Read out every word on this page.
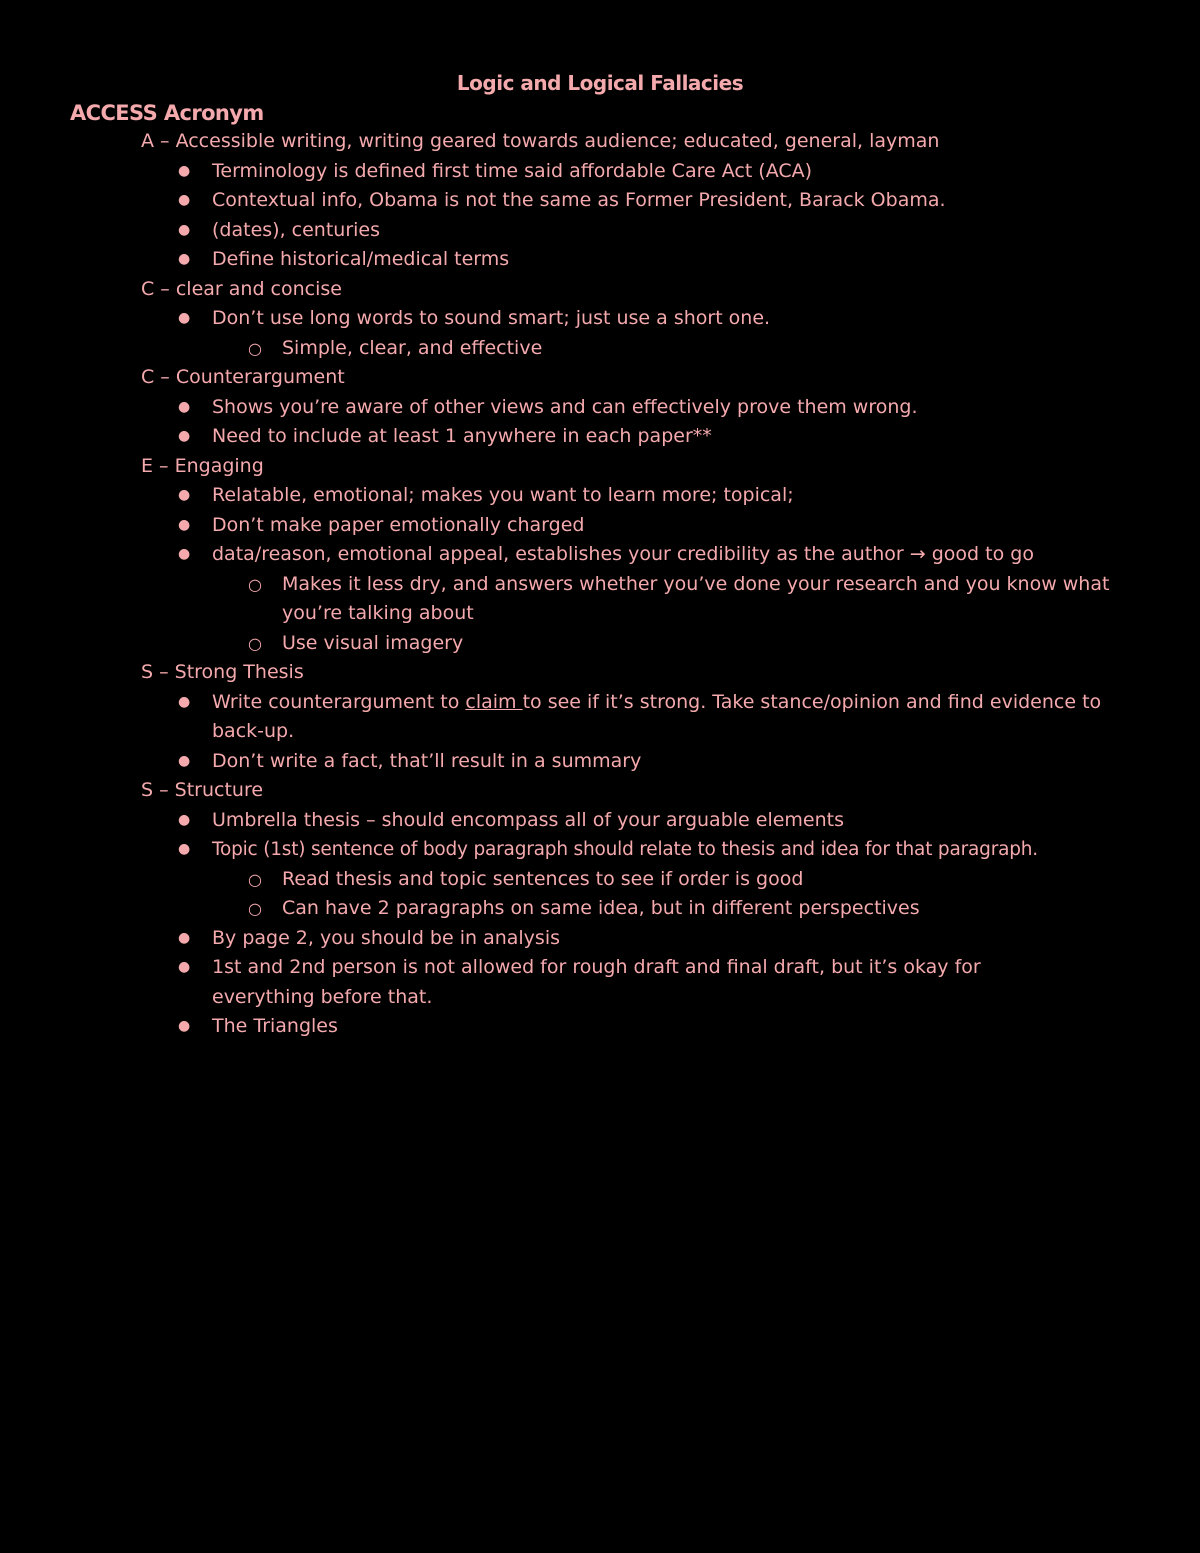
Logic and Logical Fallacies
ACCESS Acronym
A – Accessible writing, writing geared towards audience; educated, general, layman
● Terminology is defined first time said affordable Care Act (ACA)
● Contextual info, Obama is not the same as Former President, Barack Obama.
● (dates), centuries
● Define historical/medical terms
C – clear and concise
● Don’t use long words to sound smart; just use a short one.
○ Simple, clear, and effective
C – Counterargument
● Shows you’re aware of other views and can effectively prove them wrong.
● Need to include at least 1 anywhere in each paper**
E – Engaging
● Relatable, emotional; makes you want to learn more; topical;
● Don’t make paper emotionally charged
● data/reason, emotional appeal, establishes your credibility as the author → good to go
○ Makes it less dry, and answers whether you’ve done your research and you know what you’re talking about
○ Use visual imagery
S – Strong Thesis
● Write counterargument to claim to see if it’s strong. Take stance/opinion and find evidence to back-up.
● Don’t write a fact, that’ll result in a summary
S – Structure
● Umbrella thesis – should encompass all of your arguable elements
● Topic (1st) sentence of body paragraph should relate to thesis and idea for that paragraph.
○ Read thesis and topic sentences to see if order is good
○ Can have 2 paragraphs on same idea, but in different perspectives
● By page 2, you should be in analysis
● 1st and 2nd person is not allowed for rough draft and final draft, but it’s okay for everything before that.
● The Triangles
